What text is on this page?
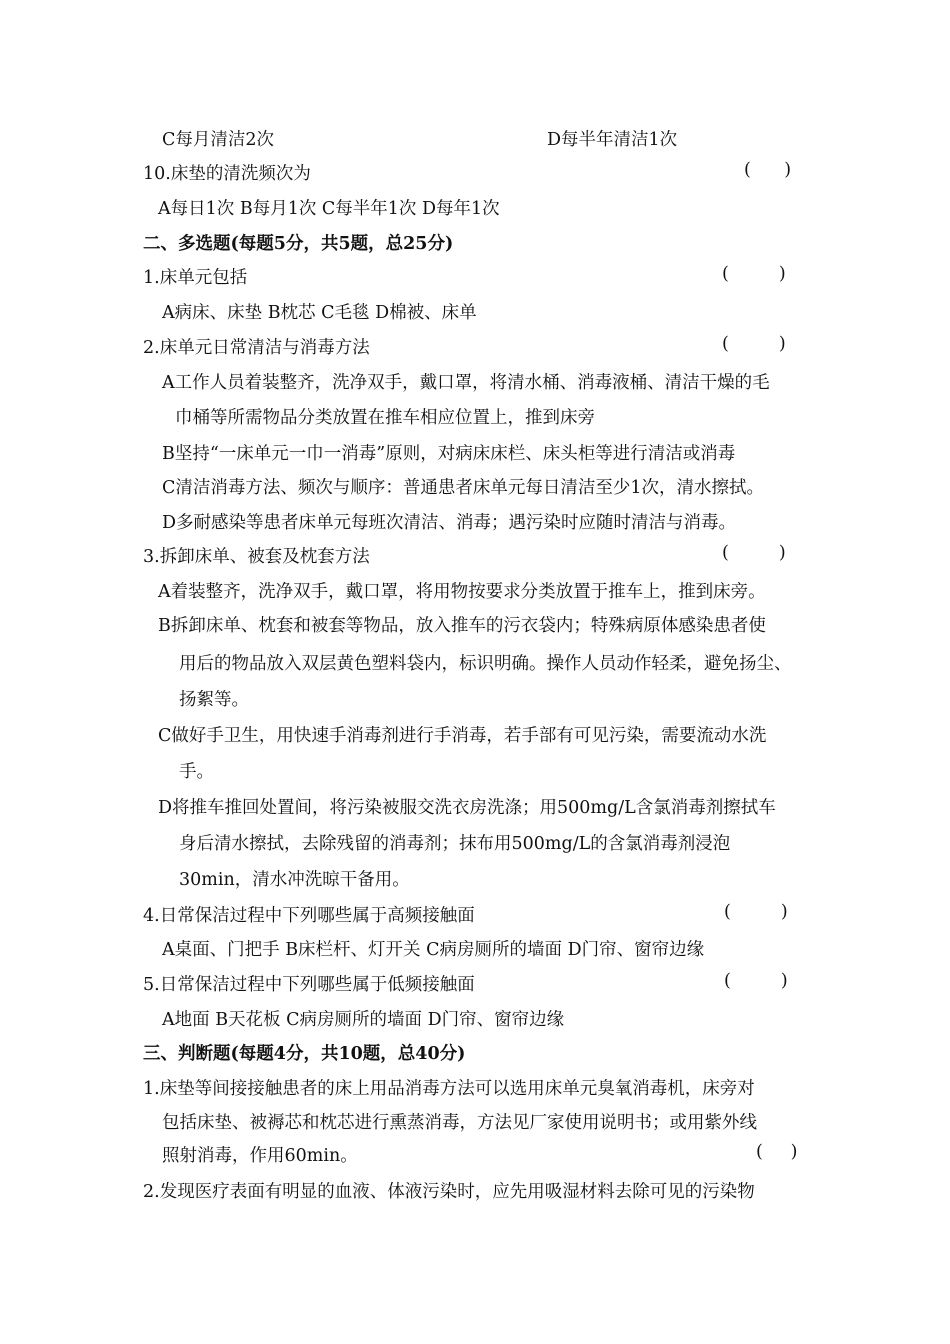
C每月清洁2次	D每半年清洁1次
10.床垫的清洗频次为	(      )
A每日1次 B每月1次 C每半年1次 D每年1次
二、多选题(每题5分，共5题，总25分)
1.床单元包括	(         )
A病床、床垫 B枕芯 C毛毯 D棉被、床单
2.床单元日常清洁与消毒方法	(         )
A工作人员着装整齐，洗净双手，戴口罩，将清水桶、消毒液桶、清洁干燥的毛
巾桶等所需物品分类放置在推车相应位置上，推到床旁
B坚持“一床单元一巾一消毒”原则，对病床床栏、床头柜等进行清洁或消毒
C清洁消毒方法、频次与顺序：普通患者床单元每日清洁至少1次，清水擦拭。
D多耐感染等患者床单元每班次清洁、消毒；遇污染时应随时清洁与消毒。
3.拆卸床单、被套及枕套方法	(         )
A着装整齐，洗净双手，戴口罩，将用物按要求分类放置于推车上，推到床旁。
B拆卸床单、枕套和被套等物品，放入推车的污衣袋内；特殊病原体感染患者使
用后的物品放入双层黄色塑料袋内，标识明确。操作人员动作轻柔，避免扬尘、
扬絮等。
C做好手卫生，用快速手消毒剂进行手消毒，若手部有可见污染，需要流动水洗
手。
D将推车推回处置间，将污染被服交洗衣房洗涤；用500mg/L含氯消毒剂擦拭车
身后清水擦拭，去除残留的消毒剂；抹布用500mg/L的含氯消毒剂浸泡
30min，清水冲洗晾干备用。
4.日常保洁过程中下列哪些属于高频接触面	(         )
A桌面、门把手 B床栏杆、灯开关 C病房厕所的墙面 D门帘、窗帘边缘
5.日常保洁过程中下列哪些属于低频接触面	(         )
A地面 B天花板 C病房厕所的墙面 D门帘、窗帘边缘
三、判断题(每题4分，共10题，总40分)
1.床垫等间接接触患者的床上用品消毒方法可以选用床单元臭氧消毒机，床旁对
包括床垫、被褥芯和枕芯进行熏蒸消毒，方法见厂家使用说明书；或用紫外线
照射消毒，作用60min。	(     )
2.发现医疗表面有明显的血液、体液污染时，应先用吸湿材料去除可见的污染物
